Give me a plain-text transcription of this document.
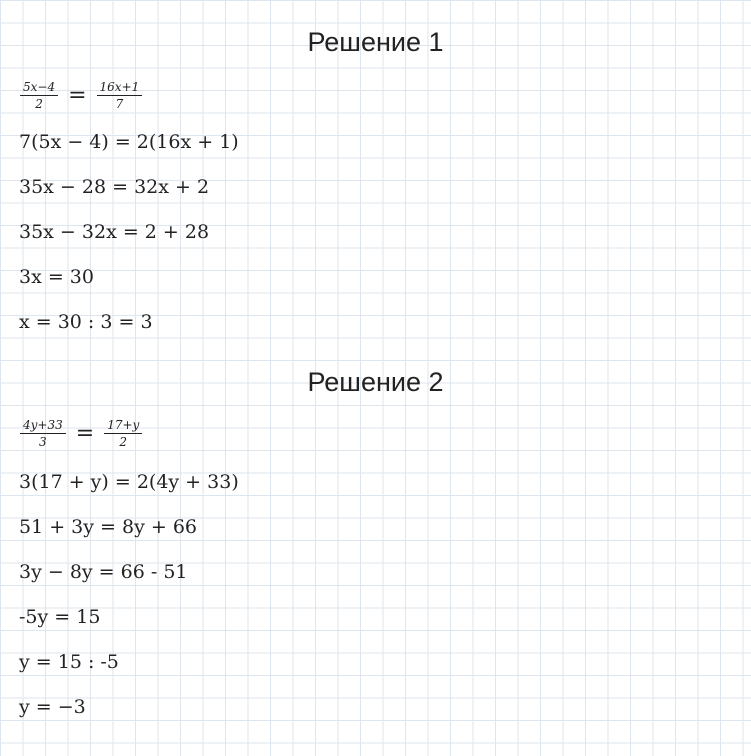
Решение 1
$\frac{5x-4}{2} = \frac{16x+1}{7}$
7(5x − 4) = 2(16x + 1)
35x − 28 = 32x + 2
35x − 32x = 2 + 28
3x = 30
x = 30 : 3 = 3
Решение 2
$\frac{4y+33}{3} = \frac{17+y}{2}$
3(17 + y) = 2(4y + 33)
51 + 3y = 8y + 66
3y − 8y = 66 - 51
-5y = 15
y = 15 : -5
y = −3
